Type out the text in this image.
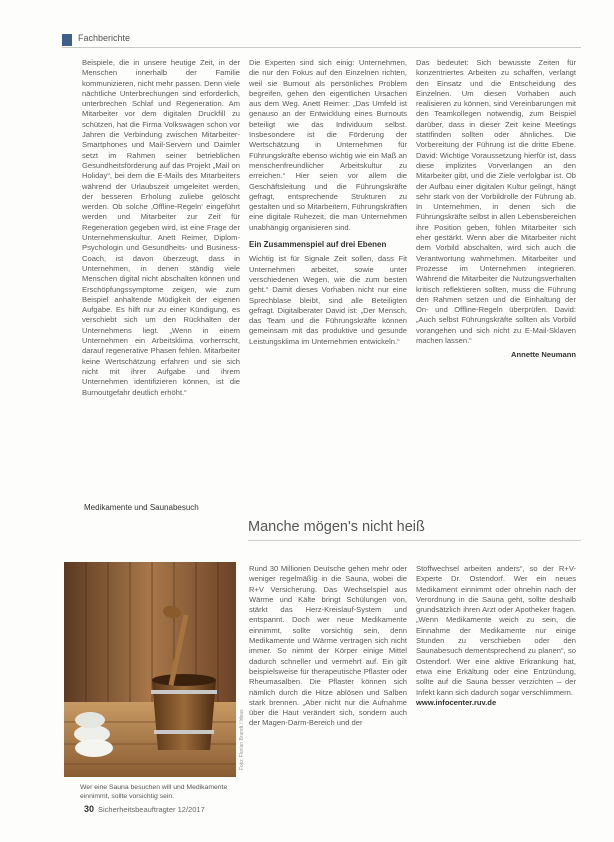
Fachberichte

Beispiele, die in unsere heutige Zeit, in der Menschen innerhalb der Familie kommunizieren, nicht mehr passen. Denn viele nächtliche Unterbrechungen sind erforderlich, unterbrechen Schlaf und Regeneration. Am Mitarbeiter vor dem digitalen Druckfill zu schützen, hat die Firma Volkswagen schon vor Jahren die Verbindung zwischen Mitarbeiter-Smartphones und Mail-Servern und Daimler setzt im Rahmen seiner betrieblichen Gesundheitsförderung auf das Projekt „Mail on Holiday“, bei dem die E-Mails des Mitarbeiters während der Urlaubszeit umgeleitet werden, der besseren Erholung zuliebe gelöscht werden. Ob solche ‚Offline-Regeln‘ eingeführt werden und Mitarbeiter zur Zeit für Regeneration gegeben wird, ist eine Frage der Unternehmenskultur. Anett Reimer, Diplom-Psychologin und Gesundheits- und Business-Coach, ist davon überzeugt, dass in Unternehmen, in denen ständig viele Menschen digital nicht abschalten können und Erschöpfungssymptome zeigen, wie zum Beispiel anhaltende Müdigkeit der eigenen Aufgabe. Es hilft nur zu einer Kündigung, es verschiebt sich um den Rückhalten der Unternehmens liegt. „Wenn in einem Unternehmen ein Arbeitsklima vorherrscht, darauf regenerative Phasen fehlen. Mitarbeiter keine Wertschätzung erfahren und sie sich nicht mit ihrer Aufgabe und ihrem Unternehmen identifizieren können, ist die Burnoutgefahr deutlich erhöht.“

Die Experten sind sich einig: Unternehmen, die nur den Fokus auf den Einzelnen richten, weil sie Burnout als persönliches Problem begreifen, gehen den eigentlichen Ursachen aus dem Weg. Anett Reimer: „Das Umfeld ist genauso an der Entwicklung eines Burnouts beteiligt wie das Individuum selbst. Insbesondere ist die Förderung der Wertschätzung in Unternehmen für Führungskräfte ebenso wichtig wie ein Maß an menschenfreundlicher Arbeitskultur zu erreichen.“ Hier seien vor allem die Geschäftsleitung und die Führungskräfte gefragt, entsprechende Strukturen zu gestalten und so Mitarbeitern, Führungskräften eine digitale Ruhezeit, die man Unternehmen unabhängig organisieren sind.

Ein Zusammenspiel auf drei Ebenen

Wichtig ist für Signale Zeit sollen, dass Fit Unternehmen arbeitet, sowie unter verschiedenen Wegen, wie die zum besten geht.“ Damit dieses Vorhaben nicht nur eine Sprechblase bleibt, sind alle Beteiligten gefragt. Digitalberater David ist: „Der Mensch, das Team und die Führungskräfte können gemeinsam mit das produktive und gesunde Leistungsklima im Unternehmen entwickeln.“

Das bedeutet: Sich bewusste Zeiten für konzentriertes Arbeiten zu schaffen, verlangt den Einsatz und die Entscheidung des Einzelnen. Um diesen Vorhaben auch realisieren zu können, sind Vereinbarungen mit den Teamkollegen notwendig, zum Beispiel darüber, dass in dieser Zeit keine Meetings stattfinden sollten oder ähnliches. Die Vorbereitung der Führung ist die dritte Ebene. David: Wichtige Voraussetzung hierfür ist, dass diese implizites Vorverlangen an den Mitarbeiter gibt, und die Ziele verfolgbar ist. Ob der Aufbau einer digitalen Kultur gelingt, hängt sehr stark von der Vorbildrolle der Führung ab. In Unternehmen, in denen sich die Führungskräfte selbst in allen Lebensbereichen ihre Position geben, fühlen Mitarbeiter sich eher gestärkt. Wenn aber die Mitarbeiter nicht dem Vorbild abschalten, wird sich auch die Verantwortung wahrnehmen. Mitarbeiter und Prozesse im Unternehmen integrieren. Während die Mitarbeiter die Nutzungsverhalten kritisch reflektieren sollten, muss die Führung den Rahmen setzen und die Einhaltung der On- und Offline-Regeln überprüfen. David: „Auch selbst Führungskräfte sollten als Vorbild vorangehen und sich nicht zu E-Mail-Sklaven machen lassen.“

Annette Neumann
Medikamente und Saunabesuch
Manche mögen's nicht heiß
Foto: Florian Brandt / Ideas
Wer eine Sauna besuchen will und Medikamente einnimmt, sollte vorsichtig sein.

Rund 30 Millionen Deutsche gehen mehr oder weniger regelmäßig in die Sauna, wobei die R+V Versicherung. Das Wechselspiel aus Wärme und Kälte bringt Schülungen von, stärkt das Herz-Kreislauf-System und entspannt. Doch wer neue Medikamente einnimmt, sollte vorsichtig sein, denn Medikamente und Wärme vertragen sich nicht immer. So nimmt der Körper einige Mittel dadurch schneller und vermehrt auf. Ein gilt beispielsweise für therapeutische Pflaster oder Rheumasalben. Die Pflaster können sich nämlich durch die Hitze ablösen und Salben stark brennen. „Aber nicht nur die Aufnahme über die Haut verändert sich, sondern auch der Magen-Darm-Bereich und der

Stoffwechsel arbeiten anders“, so der R+V-Experte Dr. Ostendorf. Wer ein neues Medikament einnimmt oder ohnehin nach der Verordnung in die Sauna geht, sollte deshalb grundsätzlich ihren Arzt oder Apotheker fragen. „Wenn Medikamente weich zu sein, die Einnahme der Medikamente nur einige Stunden zu verschieben oder den Saunabesuch dementsprechend zu planen“, so Ostendorf. Wer eine aktive Erkrankung hat, etwa eine Erkältung oder eine Entzündung, sollte auf die Sauna besser verzichten – der Infekt kann sich dadurch sogar verschlimmern.

www.infocenter.ruv.de
30 Sicherheitsbeauftragter 12/2017
